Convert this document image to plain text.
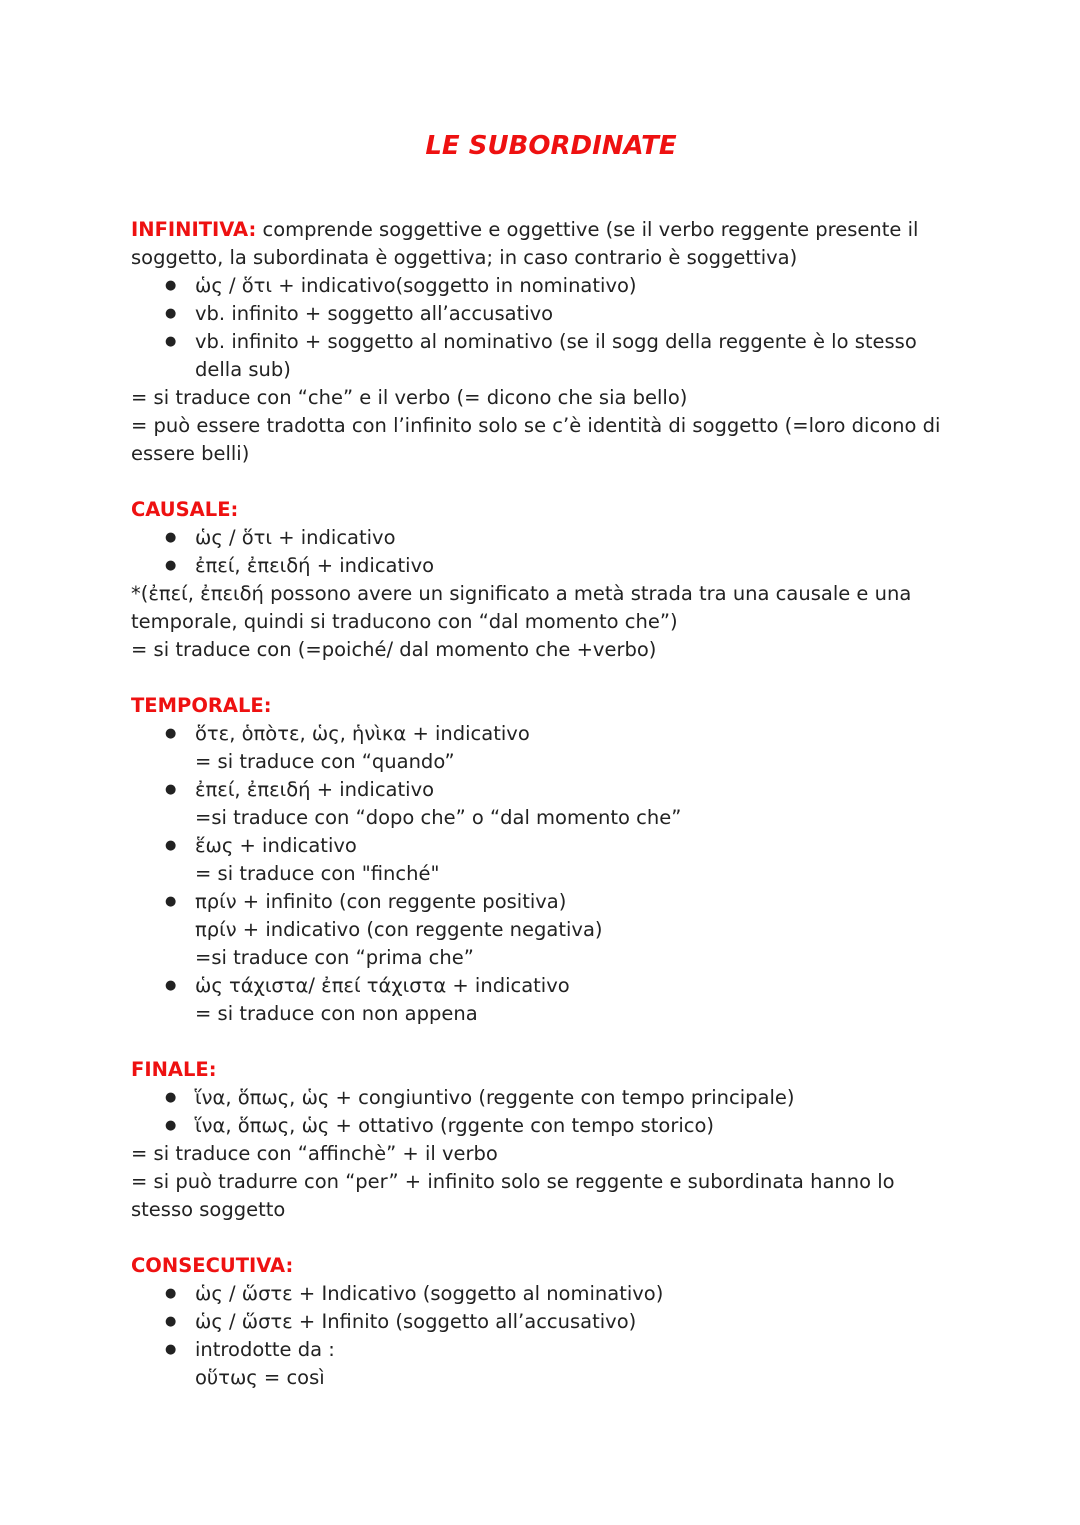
LE SUBORDINATE

INFINITIVA: comprende soggettive e oggettive (se il verbo reggente presente il soggetto, la subordinata è oggettiva; in caso contrario è soggettiva)

● ὡς / ὅτι + indicativo(soggetto in nominativo)
● vb. infinito + soggetto all’accusativo
● vb. infinito + soggetto al nominativo (se il sogg della reggente è lo stesso della sub)

= si traduce con “che” e il verbo (= dicono che sia bello)

= può essere tradotta con l’infinito solo se c’è identità di soggetto (=loro dicono di essere belli)

CAUSALE:

● ὡς / ὅτι + indicativo
● ἐπεί, ἐπειδή + indicativo

*(ἐπεί, ἐπειδή possono avere un significato a metà strada tra una causale e una temporale, quindi si traducono con “dal momento che”)

= si traduce con (=poiché/ dal momento che +verbo)

TEMPORALE:

● ὅτε, ὁπὸτε, ὡς, ἡνὶκα + indicativo
= si traduce con “quando”
● ἐπεί, ἐπειδή + indicativo
=si traduce con “dopo che” o “dal momento che”
● ἕως + indicativo
= si traduce con "finché"
● πρίν + infinito (con reggente positiva)
πρίν + indicativo (con reggente negativa)
=si traduce con “prima che”
● ὡς τάχιστα/ ἐπεί τάχιστα + indicativo
= si traduce con non appena

FINALE:

● ἵνα, ὅπως, ὡς + congiuntivo (reggente con tempo principale)
● ἵνα, ὅπως, ὡς + ottativo (rggente con tempo storico)

= si traduce con “affinchè” + il verbo

= si può tradurre con “per” + infinito solo se reggente e subordinata hanno lo stesso soggetto

CONSECUTIVA:

● ὡς / ὥστε + Indicativo (soggetto al nominativo)
● ὡς / ὥστε + Infinito (soggetto all’accusativo)
● introdotte da :
οὕτως = così
